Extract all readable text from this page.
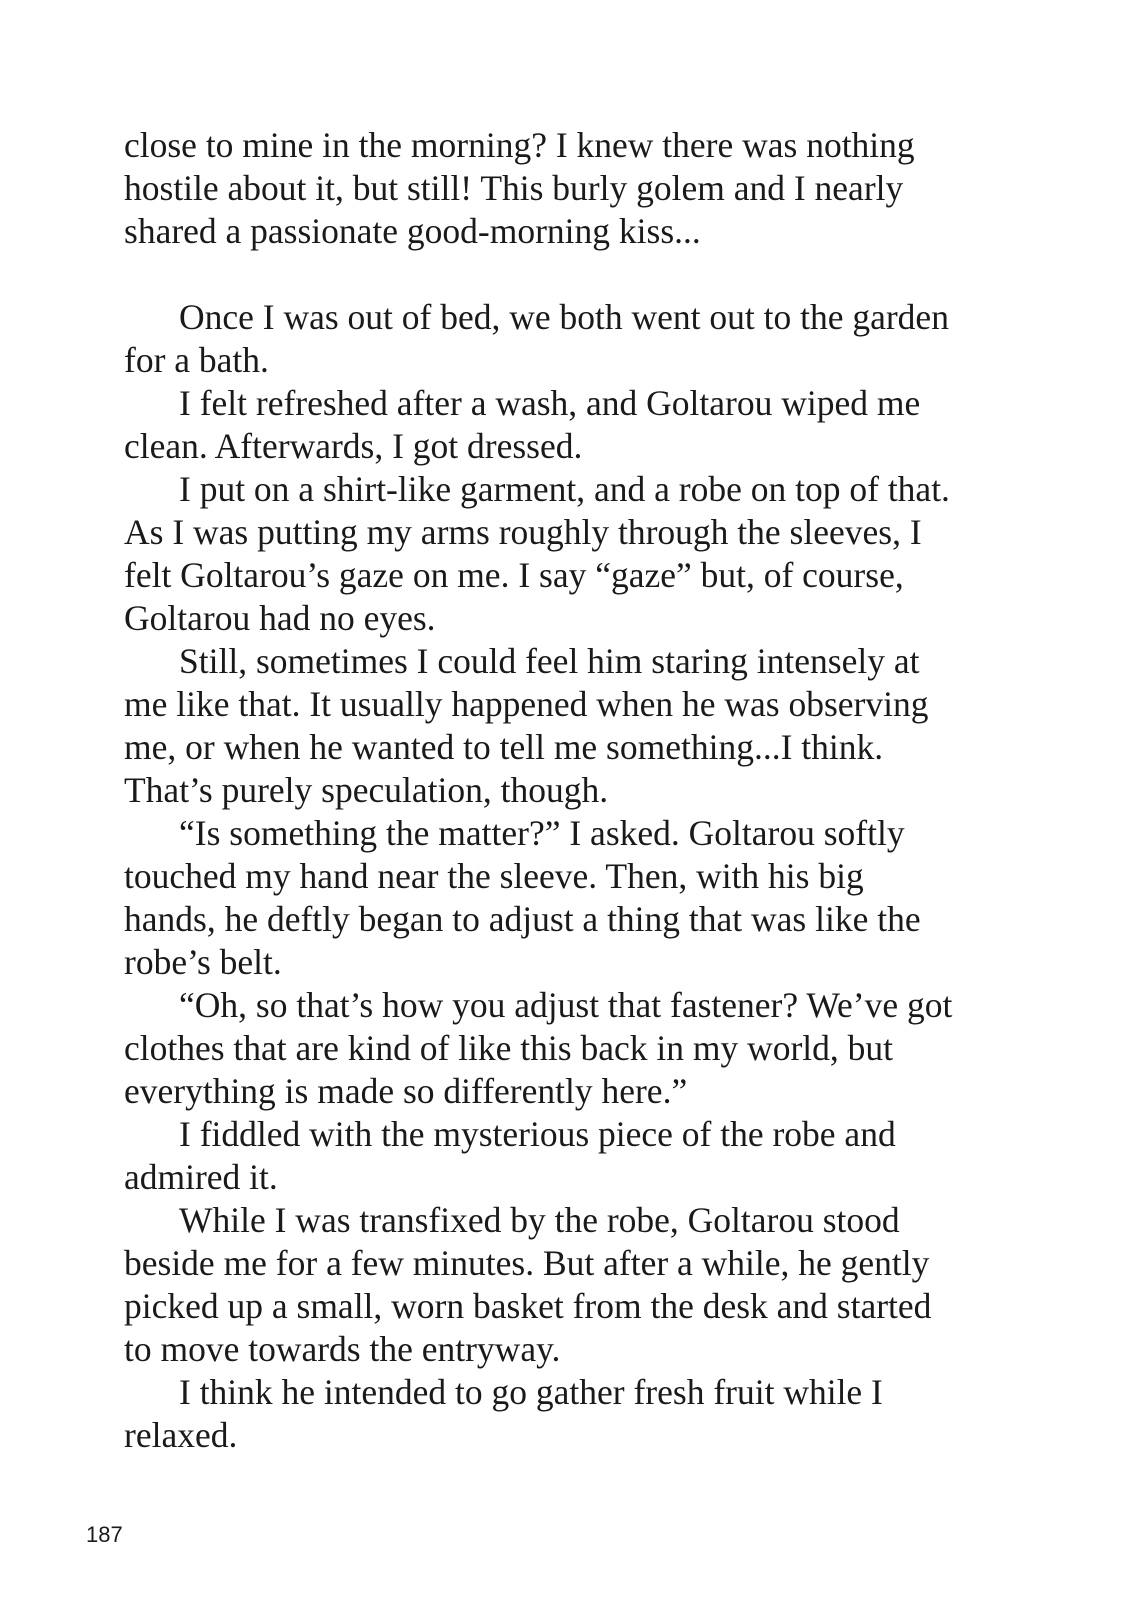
close to mine in the morning? I knew there was nothing hostile about it, but still! This burly golem and I nearly shared a passionate good-morning kiss...

Once I was out of bed, we both went out to the garden for a bath.

I felt refreshed after a wash, and Goltarou wiped me clean. Afterwards, I got dressed.

I put on a shirt-like garment, and a robe on top of that. As I was putting my arms roughly through the sleeves, I felt Goltarou’s gaze on me. I say “gaze” but, of course, Goltarou had no eyes.

Still, sometimes I could feel him staring intensely at me like that. It usually happened when he was observing me, or when he wanted to tell me something...I think. That’s purely speculation, though.

“Is something the matter?” I asked. Goltarou softly touched my hand near the sleeve. Then, with his big hands, he deftly began to adjust a thing that was like the robe’s belt.

“Oh, so that’s how you adjust that fastener? We’ve got clothes that are kind of like this back in my world, but everything is made so differently here.”

I fiddled with the mysterious piece of the robe and admired it.

While I was transfixed by the robe, Goltarou stood beside me for a few minutes. But after a while, he gently picked up a small, worn basket from the desk and started to move towards the entryway.

I think he intended to go gather fresh fruit while I relaxed.

187
